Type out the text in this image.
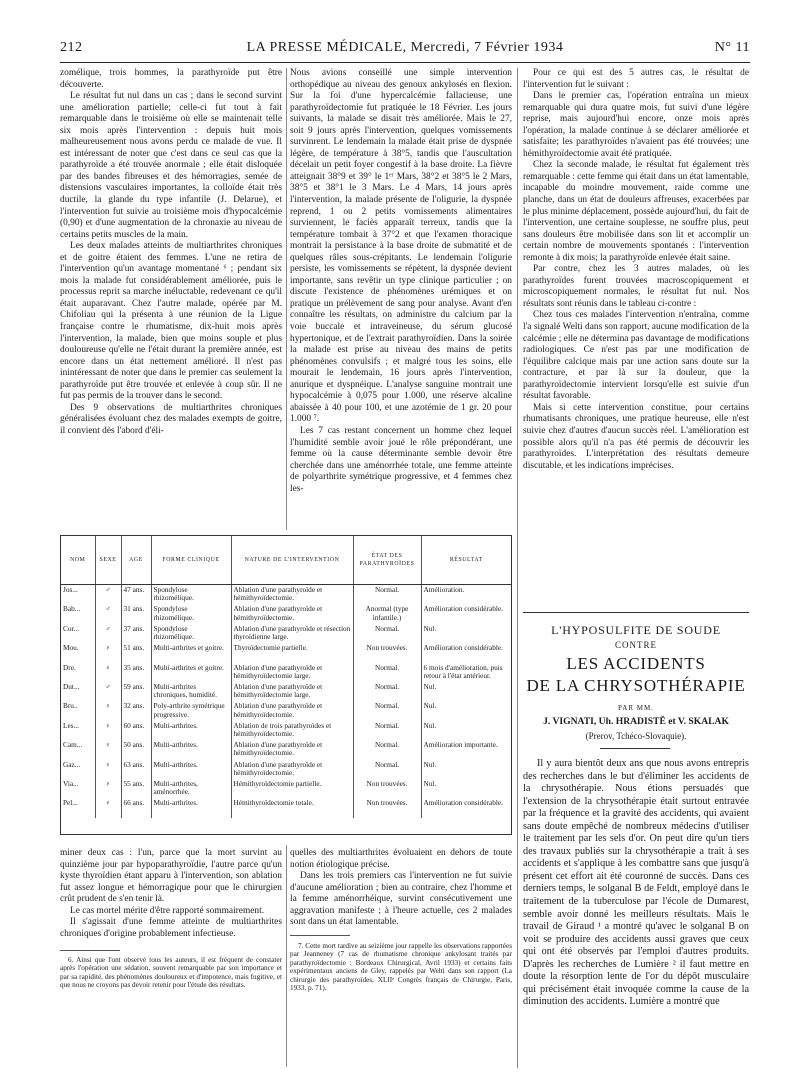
212	LA PRESSE MÉDICALE, Mercredi, 7 Février 1934	N° 11

zomélique, trois hommes, la parathyroïde put être découverte.

Le résultat fut nul dans un cas ; dans le second survint une amélioration partielle; celle-ci fut tout à fait remarquable dans le troisième où elle se maintenait telle six mois après l'intervention : depuis huit mois malheureusement nous avons perdu ce malade de vue. Il est intéressant de noter que c'est dans ce seul cas que la parathyroïde a été trouvée anormale ; elle était disloquée par des bandes fibreuses et des hémorragies, semée de distensions vasculaires importantes, la colloïde était très ductile, la glande du type infantile (J. Delarue), et l'intervention fut suivie au troisième mois d'hypocalcémie (0,90) et d'une augmentation de la chronaxie au niveau de certains petits muscles de la main.

Les deux malades atteints de multiarthrites chroniques et de goitre étaient des femmes. L'une ne retira de l'intervention qu'un avantage momentané ⁶ ; pendant six mois la malade fut considérablement améliorée, puis le processus reprit sa marche inéluctable, redevenant ce qu'il était auparavant. Chez l'autre malade, opérée par M. Chifoliau qui la présenta à une réunion de la Ligue française contre le rhumatisme, dix-huit mois après l'intervention, la malade, bien que moins souple et plus douloureuse qu'elle ne l'était durant la première année, est encore dans un état nettement amélioré. Il n'est pas inintéressant de noter que dans le premier cas seulement la parathyroïde put être trouvée et enlevée à coup sûr. Il ne fut pas permis de la trouver dans le second.

Des 9 observations de multiarthrites chroniques généralisées évoluant chez des malades exempts de goitre, il convient dès l'abord d'éli-

Nous avions conseillé une simple intervention orthopédique au niveau des genoux ankylosés en flexion. Sur la foi d'une hypercalcémie fallacieuse, une parathyroïdectomie fut pratiquée le 18 Février. Les jours suivants, la malade se disait très améliorée. Mais le 27, soit 9 jours après l'intervention, quelques vomissements survinrent. Le lendemain la malade était prise de dyspnée légère, de température à 38°5, tandis que l'auscultation décelait un petit foyer congestif à la base droite. La fièvre atteignait 38°9 et 39° le 1ᵉʳ Mars, 38°2 et 38°5 le 2 Mars, 38°5 et 38°1 le 3 Mars. Le 4 Mars, 14 jours après l'intervention, la malade présente de l'oligurie, la dyspnée reprend, 1 ou 2 petits vomissements alimentaires surviennent, le faciès apparaît terreux, tandis que la température tombait à 37°2 et que l'examen thoracique montrait la persistance à la base droite de submatité et de quelques râles sous-crépitants. Le lendemain l'oligurie persiste, les vomissements se répètent, la dyspnée devient importante, sans revêtir un type clinique particulier ; on discute l'existence de phénomènes urémiques et on pratique un prélèvement de sang pour analyse. Avant d'en connaître les résultats, on administre du calcium par la voie buccale et intraveineuse, du sérum glucosé hypertonique, et de l'extrait parathyroïdien. Dans la soirée la malade est prise au niveau des mains de petits phénomènes convulsifs ; et malgré tous les soins, elle mourait le lendemain, 16 jours après l'intervention, anurique et dyspnéique. L'analyse sanguine montrait une hypocalcémie à 0,075 pour 1.000, une réserve alcaline abaissée à 40 pour 100, et une azotémie de 1 gr. 20 pour 1.000 ⁷.

Les 7 cas restant concernent un homme chez lequel l'humidité semble avoir joué le rôle prépondérant, une femme où la cause déterminante semble devoir être cherchée dans une aménorrhée totale, une femme atteinte de polyarthrite symétrique progressive, et 4 femmes chez les-

Pour ce qui est des 5 autres cas, le résultat de l'intervention fut le suivant :

Dans le premier cas, l'opération entraîna un mieux remarquable qui dura quatre mois, fut suivi d'une légère reprise, mais aujourd'hui encore, onze mois après l'opération, la malade continue à se déclarer améliorée et satisfaite; les parathyroïdes n'avaient pas été trouvées; une hémithyroïdectomie avait été pratiquée.

Chez la seconde malade, le résultat fut également très remarquable : cette femme qui était dans un état lamentable, incapable du moindre mouvement, raide comme une planche, dans un état de douleurs affreuses, exacerbées par le plus minime déplacement, possède aujourd'hui, du fait de l'intervention, une certaine souplesse, ne souffre plus, peut sans douleurs être mobilisée dans son lit et accomplir un certain nombre de mouvements spontanés : l'intervention remonte à dix mois; la parathyroïde enlevée était saine.

Par contre, chez les 3 autres malades, où les parathyroïdes furent trouvées macroscopiquement et microscopiquement normales, le résultat fut nul. Nos résultats sont réunis dans le tableau ci-contre :

Chez tous ces malades l'intervention n'entraîna, comme l'a signalé Welti dans son rapport, aucune modification de la calcémie ; elle ne détermina pas davantage de modifications radiologiques. Ce n'est pas par une modification de l'équilibre calcique mais par une action sans doute sur la contracture, et par là sur la douleur, que la parathyroïdectomie intervient lorsqu'elle est suivie d'un résultat favorable.

Mais si cette intervention constitue, pour certains rhumatisants chroniques, une pratique heureuse, elle n'est suivie chez d'autres d'aucun succès réel. L'amélioration est possible alors qu'il n'a pas été permis de découvrir les parathyroïdes. L'interprétation des résultats demeure discutable, et les indications imprécises.

NOM	SEXE	AGE	FORME CLINIQUE	NATURE DE L'INTERVENTION	ÉTAT DES PARATHYROÏDES	RÉSULTAT
Jos...	♂	47 ans.	Spondylose rhizomélique.	Ablation d'une parathyroïde et hémithyroïdectomie.	Normal.	Amélioration.
Bab...	♂	31 ans.	Spondylose rhizomélique.	Ablation d'une parathyroïde et hémithyroïdectomie.	Anormal (type infantile.)	Amélioration considérable.
Cor...	♂	37 ans.	Spondylose rhizomélique.	Ablation d'une parathyroïde et résection thyroïdienne large.	Normal.	Nul.
Mou.	♀	51 ans.	Multi-arthrites et goitre.	Thyroïdectomie partielle.	Non trouvées.	Amélioration considérable.
Dre.	♀	35 ans.	Multi-arthrites et goitre.	Ablation d'une parathyroïde et hémithyroïdectomie large.	Normal.	6 mois d'amélioration, puis retour à l'état antérieur.
Dut...	♂	59 ans.	Multi-arthrites chroniques, humidité.	Ablation d'une parathyroïde et hémithyroïdectomie large.	Normal.	Nul.
Bru..	♀	32 ans.	Poly-arthrite symétrique progressive.	Ablation d'une parathyroïde et hémithyroïdectomie.	Normal.	Nul.
Les...	♀	60 ans.	Multi-arthrites.	Ablation de trois parathyroïdes et hémithyroïdectomie.	Normal.	Nul.
Cam...	♀	50 ans.	Multi-arthrites.	Ablation d'une parathyroïde et hémithyroïdectomie.	Normal.	Amélioration importante.
Gaz...	♀	63 ans.	Multi-arthrites.	Ablation d'une parathyroïde et hémithyroïdectomie.	Normal.	Nul.
Via...	♀	55 ans.	Multi-arthrites, aménorrhée.	Hémithyroïdectomie partielle.	Non trouvées.	Nul.
Pel...	♀	66 ans.	Multi-arthrites.	Hémithyroïdectomie totale.	Non trouvées.	Amélioration considérable.

miner deux cas : l'un, parce que la mort survint au quinzième jour par hypoparathyroïdie, l'autre parce qu'un kyste thyroïdien étant apparu à l'intervention, son ablation fut assez longue et hémorragique pour que le chirurgien crût prudent de s'en tenir là.

Le cas mortel mérite d'être rapporté sommairement.

Il s'agissait d'une femme atteinte de multiarthrites chroniques d'origine probablement infectieuse.

quelles des multiarthrites évoluaient en dehors de toute notion étiologique précise.

Dans les trois premiers cas l'intervention ne fut suivie d'aucune amélioration ; bien au contraire, chez l'homme et la femme aménorrhéique, survint consécutivement une aggravation manifeste ; à l'heure actuelle, ces 2 malades sont dans un état lamentable.

6. Ainsi que l'ont observé tous les auteurs, il est fréquent de constater après l'opération une sédation, souvent remarquable par son importance et par sa rapidité, des phénomènes douloureux et d'impotence, mais fugitive, et que nous ne croyons pas devoir retenir pour l'étude des résultats.

7. Cette mort tardive au seizième jour rappelle les observations rapportées par Jeanneney (7 cas de rhumatisme chronique ankylosant traités par parathyroïdectomie : Bordeaux Chirurgical, Avril 1933) et certains faits expérimentaux anciens de Gley, rappelés par Welti dans son rapport (La chirurgie des parathyroïdes, XLIIᵉ Congrès français de Chirurgie, Paris, 1933, p. 71).

L'HYPOSULFITE DE SOUDE
CONTRE
LES ACCIDENTS
DE LA CHRYSOTHÉRAPIE
PAR MM.
J. VIGNATI, Uh. HRADISTĚ et V. SKALAK
(Prerov, Tchéco-Slovaquie).

Il y aura bientôt deux ans que nous avons entrepris des recherches dans le but d'éliminer les accidents de la chrysothérapie. Nous étions persuadés que l'extension de la chrysothérapie était surtout entravée par la fréquence et la gravité des accidents, qui avaient sans doute empêché de nombreux médecins d'utiliser le traitement par les sels d'or. On peut dire qu'un tiers des travaux publiés sur la chrysothérapie a trait à ses accidents et s'applique à les combattre sans que jusqu'à présent cet effort ait été couronné de succès. Dans ces derniers temps, le solganal B de Feldt, employé dans le traitement de la tuberculose par l'école de Dumarest, semble avoir donné les meilleurs résultats. Mais le travail de Giraud ¹ a montré qu'avec le solganal B on voit se produire des accidents aussi graves que ceux qui ont été observés par l'emploi d'autres produits. D'après les recherches de Lumière ² il faut mettre en doute la résorption lente de l'or du dépôt musculaire qui précisément était invoquée comme la cause de la diminution des accidents. Lumière a montré que
